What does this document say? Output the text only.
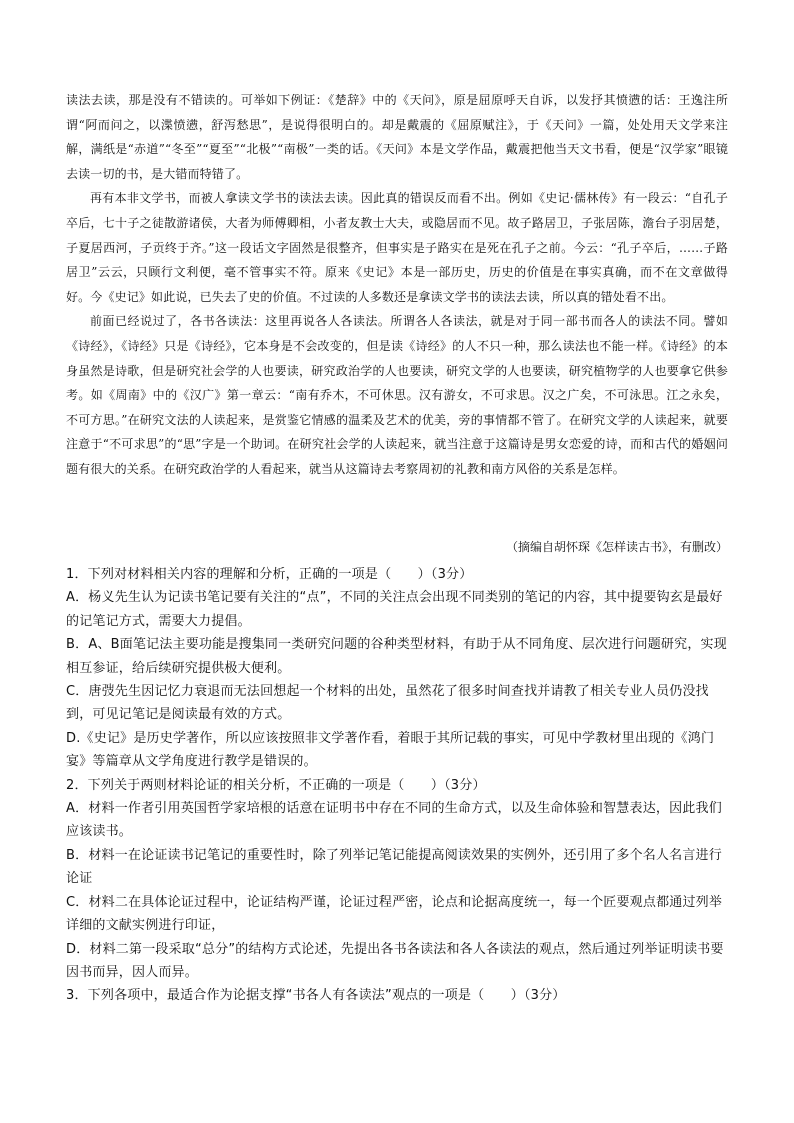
读法去读，那是没有不错读的。可举如下例证：《楚辞》中的《天问》，原是屈原呼天自诉，以发抒其愤懑的话：王逸注所谓“阿而问之，以渫愤懑，舒泻愁思”，是说得很明白的。却是戴震的《屈原赋注》，于《天问》一篇，处处用天文学来注解，满纸是“赤道”“冬至”“夏至”“北极”“南极”一类的话。《天问》本是文学作品，戴震把他当天文书看，便是“汉学家”眼镜去读一切的书，是大错而特错了。

再有本非文学书，而被人拿读文学书的读法去读。因此真的错误反而看不出。例如《史记·儒林传》有一段云：“自孔子卒后，七十子之徒散游诸侯，大者为师傅卿相，小者友教士大夫，或隐居而不见。故子路居卫，子张居陈，澹台子羽居楚，子夏居西河，子贡终于齐。”这一段话文字固然是很整齐，但事实是子路实在是死在孔子之前。今云：“孔子卒后，……子路居卫”云云，只顾行文利便，毫不管事实不符。原来《史记》本是一部历史，历史的价值是在事实真确，而不在文章做得好。今《史记》如此说，已失去了史的价值。不过读的人多数还是拿读文学书的读法去读，所以真的错处看不出。

前面已经说过了，各书各读法：这里再说各人各读法。所谓各人各读法，就是对于同一部书而各人的读法不同。譬如《诗经》，《诗经》只是《诗经》，它本身是不会改变的，但是读《诗经》的人不只一种，那么读法也不能一样。《诗经》的本身虽然是诗歌，但是研究社会学的人也要读，研究政治学的人也要读，研究文学的人也要读，研究植物学的人也要拿它供参考。如《周南》中的《汉广》第一章云：“南有乔木，不可休思。汉有游女，不可求思。汉之广矣，不可泳思。江之永矣，不可方思。”在研究文法的人读起来，是赏鉴它情感的温柔及艺术的优美，旁的事情都不管了。在研究文学的人读起来，就要注意于“不可求思”的“思”字是一个助词。在研究社会学的人读起来，就当注意于这篇诗是男女恋爱的诗，而和古代的婚姻问题有很大的关系。在研究政治学的人看起来，就当从这篇诗去考察周初的礼教和南方风俗的关系是怎样。

（摘编自胡怀琛《怎样读古书》，有删改）

1．下列对材料相关内容的理解和分析，正确的一项是（　　）（3分）

A．杨义先生认为记读书笔记要有关注的“点”，不同的关注点会出现不同类别的笔记的内容，其中提要钩玄是最好的记笔记方式，需要大力提倡。

B．A、B面笔记法主要功能是搜集同一类研究问题的谷种类型材料，有助于从不同角度、层次进行问题研究，实现相互参证，给后续研究提供极大便利。

C．唐弢先生因记忆力衰退而无法回想起一个材料的出处，虽然花了很多时间查找并请教了相关专业人员仍没找到，可见记笔记是阅读最有效的方式。

D.《史记》是历史学著作，所以应该按照非文学著作看，着眼于其所记载的事实，可见中学教材里出现的《鸿门宴》等篇章从文学角度进行教学是错误的。

2．下列关于两则材料论证的相关分析，不正确的一项是（　　）（3分）

A．材料一作者引用英国哲学家培根的话意在证明书中存在不同的生命方式，以及生命体验和智慧表达，因此我们应该读书。

B．材料一在论证读书记笔记的重要性时，除了列举记笔记能提高阅读效果的实例外，还引用了多个名人名言进行论证

C．材料二在具体论证过程中，论证结构严谨，论证过程严密，论点和论据高度统一，每一个匠要观点都通过列举详细的文献实例进行印证，

D．材料二第一段采取“总分”的结构方式论述，先提出各书各读法和各人各读法的观点，然后通过列举证明读书要因书而异，因人而异。

3．下列各项中，最适合作为论据支撑“书各人有各读法”观点的一项是（　　）（3分）
